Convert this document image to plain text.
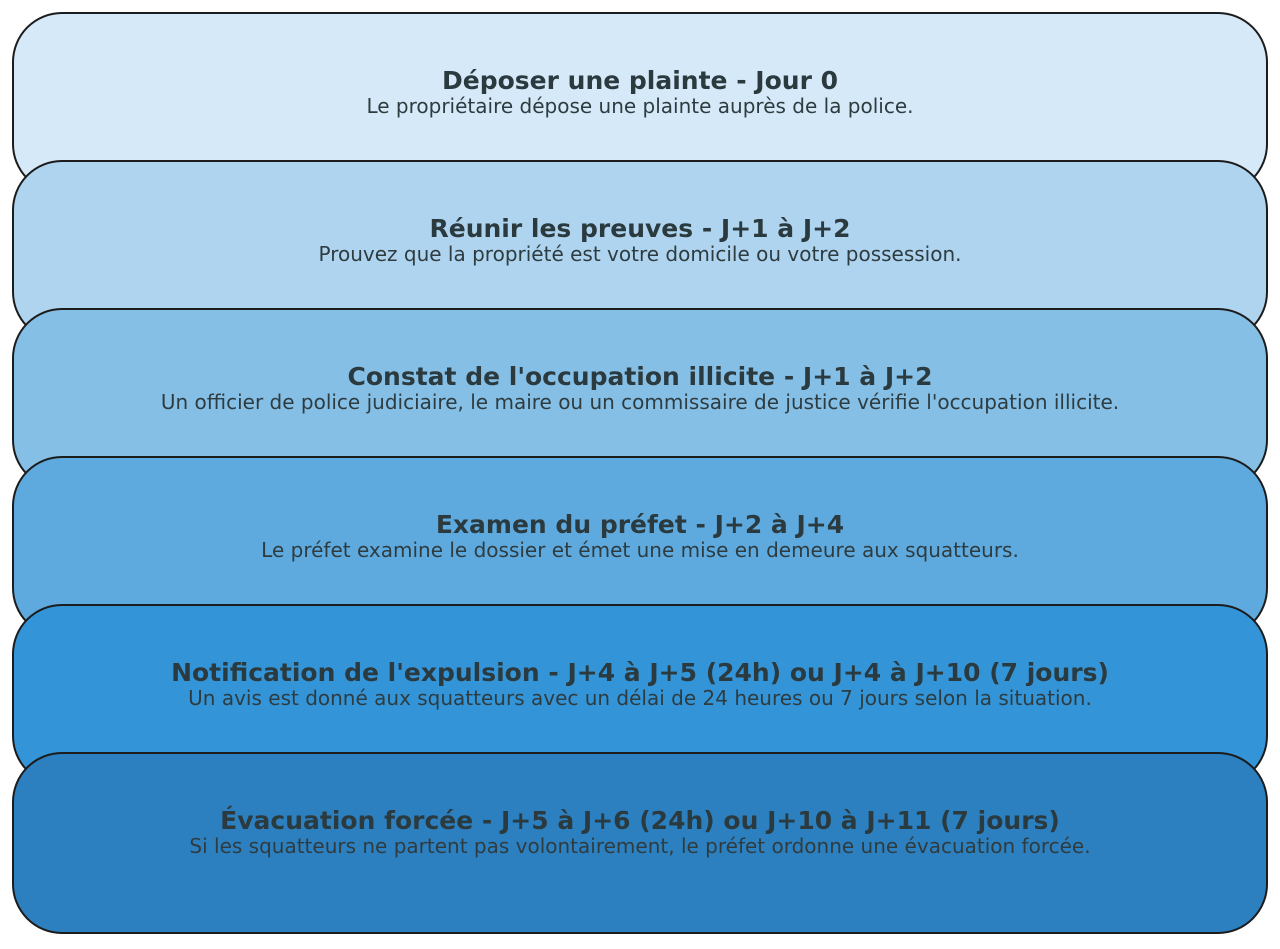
Déposer une plainte - Jour 0
Le propriétaire dépose une plainte auprès de la police.
Réunir les preuves - J+1 à J+2
Prouvez que la propriété est votre domicile ou votre possession.
Constat de l'occupation illicite - J+1 à J+2
Un officier de police judiciaire, le maire ou un commissaire de justice vérifie l'occupation illicite.
Examen du préfet - J+2 à J+4
Le préfet examine le dossier et émet une mise en demeure aux squatteurs.
Notification de l'expulsion - J+4 à J+5 (24h) ou J+4 à J+10 (7 jours)
Un avis est donné aux squatteurs avec un délai de 24 heures ou 7 jours selon la situation.
Évacuation forcée - J+5 à J+6 (24h) ou J+10 à J+11 (7 jours)
Si les squatteurs ne partent pas volontairement, le préfet ordonne une évacuation forcée.
